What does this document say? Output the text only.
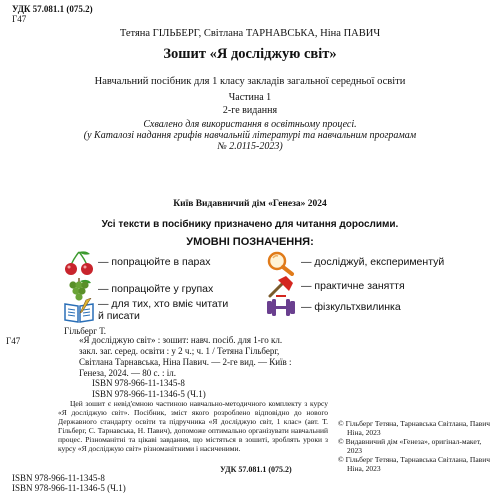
УДК 57.081.1 (075.2)
Г47
Тетяна ГІЛЬБЕРГ, Світлана ТАРНАВСЬКА, Ніна ПАВИЧ
Зошит «Я досліджую світ»
Навчальний посібник для 1 класу закладів загальної середньої освіти
Частина 1
2-ге видання
Схвалено для використання в освітньому процесі.
(у Каталозі надання грифів навчальній літературі та навчальним програмам
№ 2.0115-2023)
Київ Видавничий дім «Генеза» 2024
Усі тексти в посібнику призначено для читання дорослими.
УМОВНІ ПОЗНАЧЕННЯ:
— попрацюйте в парах
— попрацюйте у групах
— для тих, хто вміє читати
й писати
— досліджуй, експериментуй
— практичне заняття
— фізкультхвилинка
Г47
Гільберг Т.
«Я досліджую світ» : зошит: навч. посіб. для 1-го кл.
закл. заг. серед. освіти : у 2 ч.; ч. 1 / Тетяна Гільберг,
Світлана Тарнавська, Ніна Павич. — 2-ге вид. — Київ :
Генеза, 2024. — 80 с. : іл.
ISBN 978-966-11-1345-8
ISBN 978-966-11-1346-5 (Ч.1)
Цей зошит є невід'ємною частиною навчально-методичного комплекту з курсу «Я досліджую світ». Посібник, зміст якого розроблено відповідно до нового Державного стандарту освіти та підручника «Я досліджую світ, 1 клас» (авт. Т. Гільберг, С. Тарнавська, Н. Павич), допоможе оптимально організувати навчальний процес. Різноманітні та цікаві завдання, що містяться в зошиті, зроблять уроки з курсу «Я досліджую світ» різноманітними і насиченими.
УДК 57.081.1 (075.2)
ISBN 978-966-11-1345-8
ISBN 978-966-11-1346-5 (Ч.1)
© Гільберг Тетяна, Тарнавська Світлана, Павич Ніна, 2023
© Видавничий дім «Генеза», оригінал-макет, 2023
© Гільберг Тетяна, Тарнавська Світлана, Павич Ніна, 2023
